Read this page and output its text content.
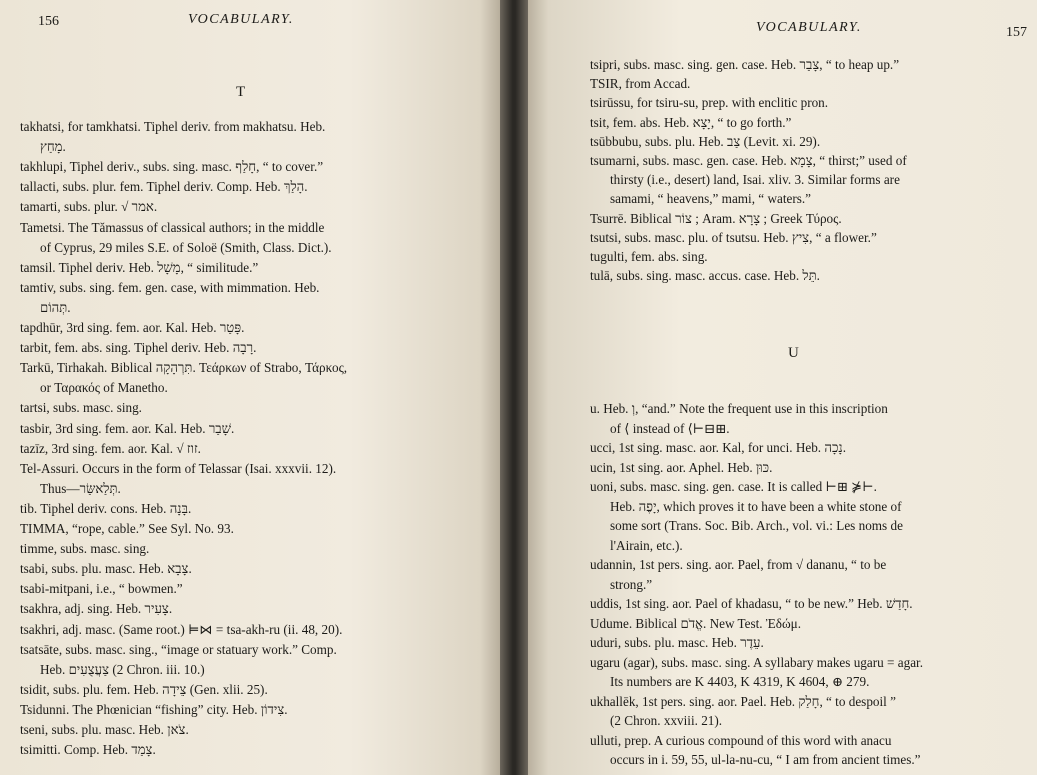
156	VOCABULARY.
T
takhatsi, for tamkhatsi. Tiphel deriv. from makhatsu. Heb.
מָחַץ.
takhlupi, Tiphel deriv., subs. sing. masc. חָלַף, “ to cover.”
tallacti, subs. plur. fem. Tiphel deriv. Comp. Heb. הָלַךְ.
tamarti, subs. plur. √ אמר.
Tametsi. The Tămassus of classical authors; in the middle
of Cyprus, 29 miles S.E. of Soloë (Smith, Class. Dict.).
tamsil. Tiphel deriv. Heb. מָשָׁל, “ similitude.”
tamtiv, subs. sing. fem. gen. case, with mimmation. Heb.
תְּהוֹם.
tapdhūr, 3rd sing. fem. aor. Kal. Heb. פָּטַר.
tarbit, fem. abs. sing. Tiphel deriv. Heb. רָבָה.
Tarkū, Tirhakah. Biblical תִּרְהָקָה. Τεάρκων of Strabo, Τάρκος,
or Ταρακός of Manetho.
tartsi, subs. masc. sing.
tasbir, 3rd sing. fem. aor. Kal. Heb. שָׁבַר.
tazīz, 3rd sing. fem. aor. Kal. √ זוז.
Tel-Assuri. Occurs in the form of Telassar (Isai. xxxvii. 12).
Thus—תְּלַאשַּׂר.
tib. Tiphel deriv. cons. Heb. בָּנָה.
TIMMA, “rope, cable.” See Syl. No. 93.
timme, subs. masc. sing.
tsabi, subs. plu. masc. Heb. צָבָא.
tsabi-mitpani, i.e., “ bowmen.”
tsakhra, adj. sing. Heb. צָעִיר.
tsakhri, adj. masc. (Same root.) ⊨⋈ = tsa-akh-ru (ii. 48, 20).
tsatsāte, subs. masc. sing., “image or statuary work.” Comp.
Heb. צַעֲצֻעִים (2 Chron. iii. 10.)
tsidit, subs. plu. fem. Heb. צֵידָה (Gen. xlii. 25).
Tsidunni. The Phœnician “fishing” city. Heb. צִידוֹן.
tseni, subs. plu. masc. Heb. צֹאן.
tsimitti. Comp. Heb. צָמַד.
VOCABULARY.	157
U
tsipri, subs. masc. sing. gen. case. Heb. צָבַר, “ to heap up.”
TSIR, from Accad.
tsirūssu, for tsiru-su, prep. with enclitic pron.
tsit, fem. abs. Heb. יָצָא, “ to go forth.”
tsūbbubu, subs. plu. Heb. צַב (Levit. xi. 29).
tsumarni, subs. masc. gen. case. Heb. צָמָא, “ thirst;” used of
thirsty (i.e., desert) land, Isai. xliv. 3. Similar forms are
samami, “ heavens,” mami, “ waters.”
Tsurrē. Biblical צוֹר ; Aram. צָרָא ; Greek Τύρος.
tsutsi, subs. masc. plu. of tsutsu. Heb. צִיץ, “ a flower.”
tugulti, fem. abs. sing.
tulā, subs. sing. masc. accus. case. Heb. תֵּל.
u. Heb. וְ, “and.” Note the frequent use in this inscription
of ⟨ instead of ⟨⊢⊟⊞.
ucci, 1st sing. masc. aor. Kal, for unci. Heb. נָכָה.
ucin, 1st sing. aor. Aphel. Heb. כּוּן.
uoni, subs. masc. sing. gen. case. It is called ⊢⊞ ⋡⊢.
Heb. יָפֶה, which proves it to have been a white stone of
some sort (Trans. Soc. Bib. Arch., vol. vi.: Les noms de
l'Airain, etc.).
udannin, 1st pers. sing. aor. Pael, from √ dananu, “ to be
strong.”
uddis, 1st sing. aor. Pael of khadasu, “ to be new.” Heb. חָדַשׁ.
Udume. Biblical אֱדֹם. New Test. Ἐδώμ.
uduri, subs. plu. masc. Heb. עֵדֶר.
ugaru (agar), subs. masc. sing. A syllabary makes ugaru = agar.
Its numbers are K 4403, K 4319, K 4604, ⊕ 279.
ukhallēk, 1st pers. sing. aor. Pael. Heb. חָלַק, “ to despoil ”
(2 Chron. xxviii. 21).
ulluti, prep. A curious compound of this word with anacu
occurs in i. 59, 55, ul-la-nu-cu, “ I am from ancient times.”
